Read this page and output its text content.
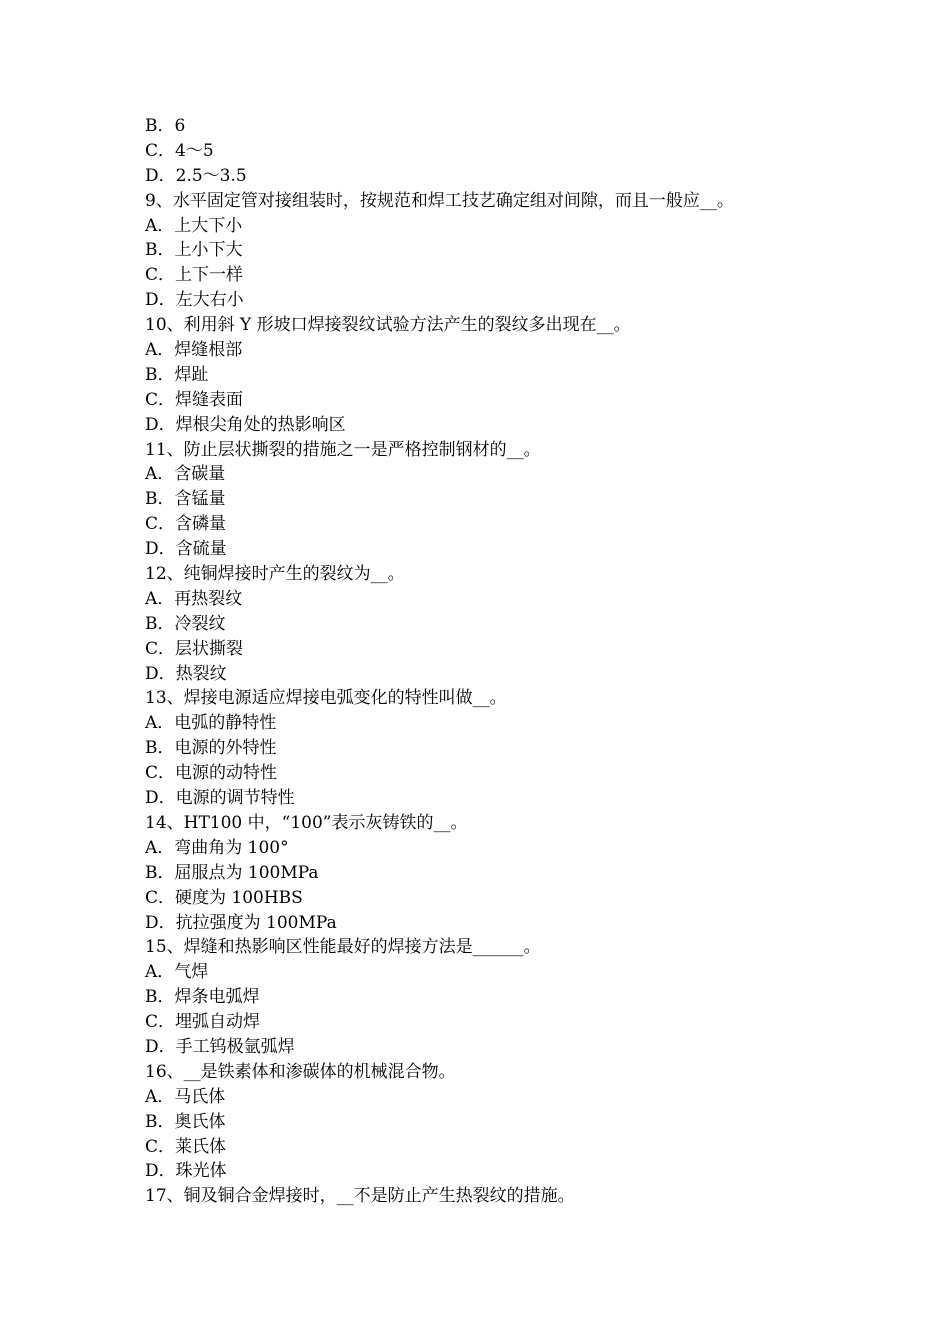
B．6
C．4～5
D．2.5～3.5
9、水平固定管对接组装时，按规范和焊工技艺确定组对间隙，而且一般应__。
A．上大下小
B．上小下大
C．上下一样
D．左大右小
10、利用斜 Y 形坡口焊接裂纹试验方法产生的裂纹多出现在__。
A．焊缝根部
B．焊趾
C．焊缝表面
D．焊根尖角处的热影响区
11、防止层状撕裂的措施之一是严格控制钢材的__。
A．含碳量
B．含锰量
C．含磷量
D．含硫量
12、纯铜焊接时产生的裂纹为__。
A．再热裂纹
B．冷裂纹
C．层状撕裂
D．热裂纹
13、焊接电源适应焊接电弧变化的特性叫做__。
A．电弧的静特性
B．电源的外特性
C．电源的动特性
D．电源的调节特性
14、HT100 中，“100”表示灰铸铁的__。
A．弯曲角为 100°
B．屈服点为 100MPa
C．硬度为 100HBS
D．抗拉强度为 100MPa
15、焊缝和热影响区性能最好的焊接方法是______。
A．气焊
B．焊条电弧焊
C．埋弧自动焊
D．手工钨极氩弧焊
16、__是铁素体和渗碳体的机械混合物。
A．马氏体
B．奥氏体
C．莱氏体
D．珠光体
17、铜及铜合金焊接时，__不是防止产生热裂纹的措施。
